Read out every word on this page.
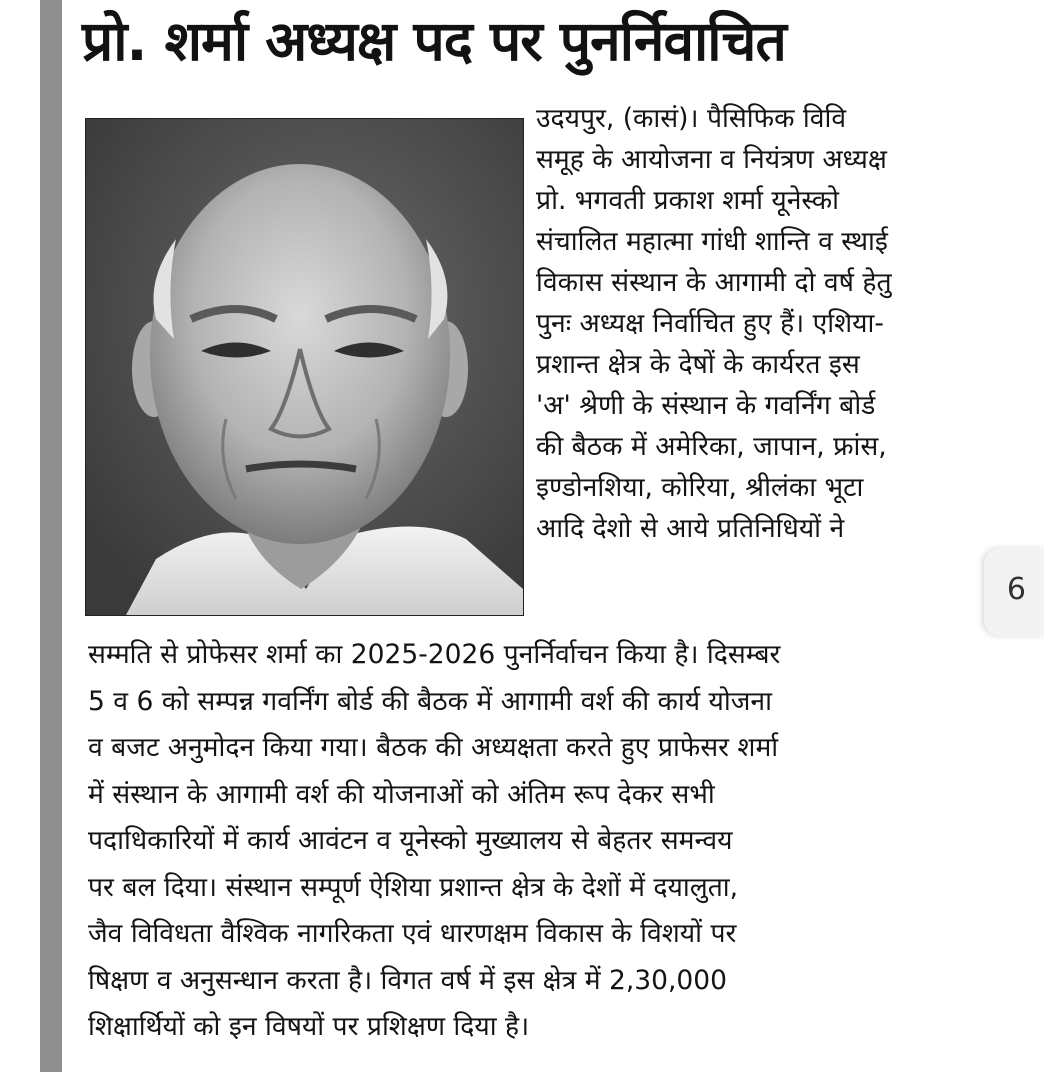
प्रो. शर्मा अध्यक्ष पद पर पुनर्निवाचित
उदयपुर, (कासं)। पैसिफिक विवि
समूह के आयोजना व नियंत्रण अध्यक्ष
प्रो. भगवती प्रकाश शर्मा यूनेस्को
संचालित महात्मा गांधी शान्ति व स्थाई
विकास संस्थान के आगामी दो वर्ष हेतु
पुनः अध्यक्ष निर्वाचित हुए हैं। एशिया-
प्रशान्त क्षेत्र के देषों के कार्यरत इस
'अ' श्रेणी के संस्थान के गवर्निंग बोर्ड
की बैठक में अमेरिका, जापान, फ्रांस,
इण्डोनशिया, कोरिया, श्रीलंका भूटा
आदि देशो से आये प्रतिनिधियों ने
सम्मति से प्रोफेसर शर्मा का 2025-2026 पुनर्निर्वाचन किया है। दिसम्बर
5 व 6 को सम्पन्न गवर्निंग बोर्ड की बैठक में आगामी वर्श की कार्य योजना
व बजट अनुमोदन किया गया। बैठक की अध्यक्षता करते हुए प्राफेसर शर्मा
में संस्थान के आगामी वर्श की योजनाओं को अंतिम रूप देकर सभी
पदाधिकारियों में कार्य आवंटन व यूनेस्को मुख्यालय से बेहतर समन्वय
पर बल दिया। संस्थान सम्पूर्ण ऐशिया प्रशान्त क्षेत्र के देशों में दयालुता,
जैव विविधता वैश्विक नागरिकता एवं धारणक्षम विकास के विशयों पर
षिक्षण व अनुसन्धान करता है। विगत वर्ष में इस क्षेत्र में 2,30,000
शिक्षार्थियों को इन विषयों पर प्रशिक्षण दिया है।
6
